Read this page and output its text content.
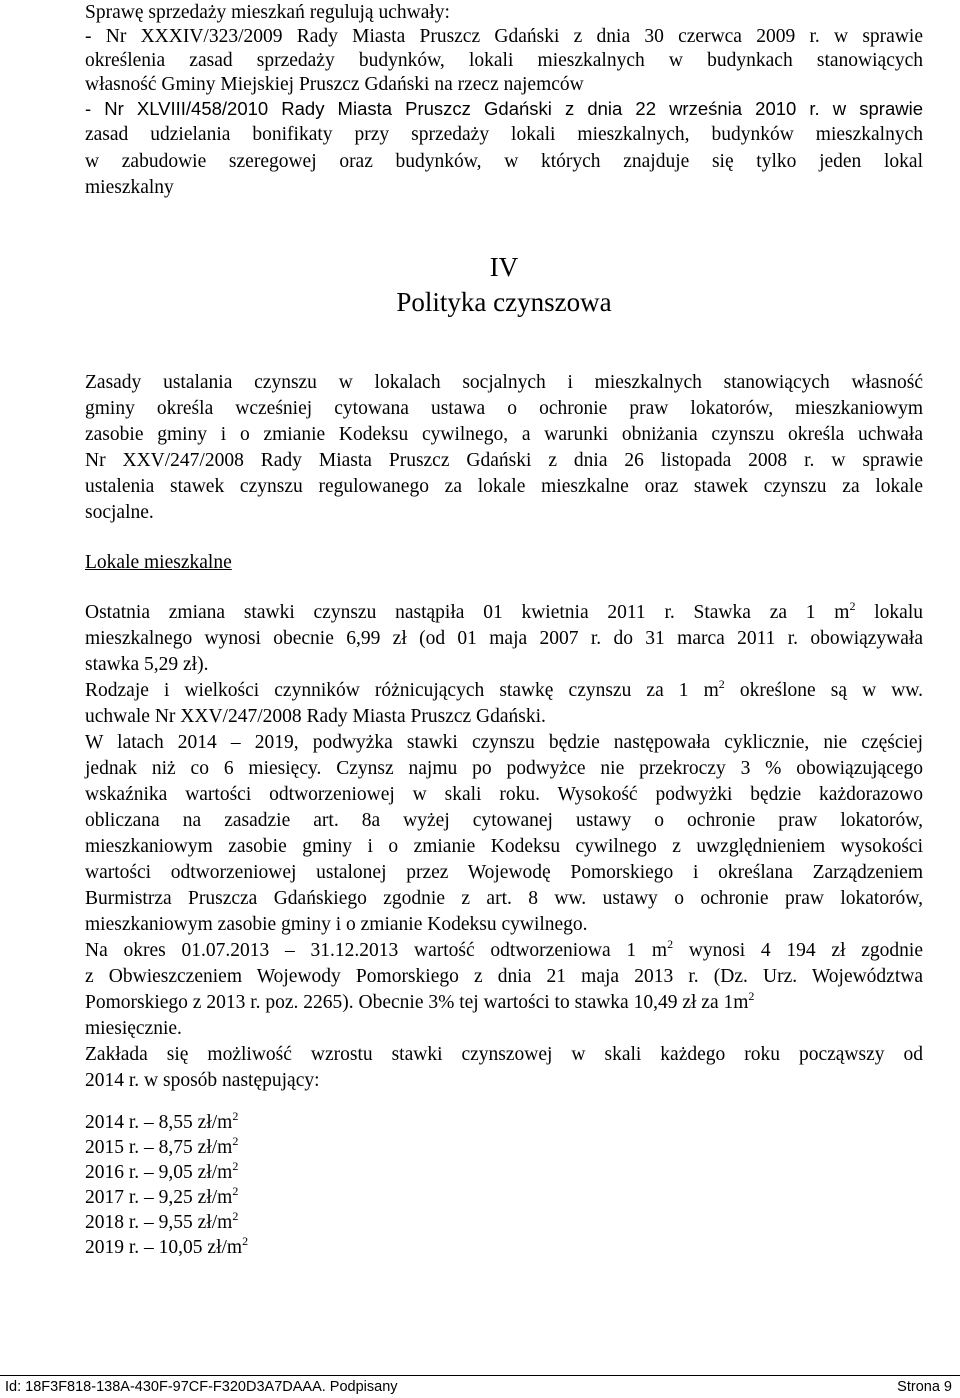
Sprawę sprzedaży mieszkań regulują uchwały:
- Nr XXXIV/323/2009 Rady Miasta Pruszcz Gdański z dnia 30 czerwca 2009 r. w sprawie
określenia zasad sprzedaży budynków, lokali mieszkalnych w budynkach stanowiących
własność Gminy Miejskiej Pruszcz Gdański na rzecz najemców
- Nr XLVIII/458/2010 Rady Miasta Pruszcz Gdański z dnia 22 września 2010 r. w sprawie
zasad udzielania bonifikaty przy sprzedaży lokali mieszkalnych, budynków mieszkalnych
w zabudowie szeregowej oraz budynków, w których znajduje się tylko jeden lokal
mieszkalny
IV
Polityka czynszowa
Zasady ustalania czynszu w lokalach socjalnych i mieszkalnych stanowiących własność
gminy określa wcześniej cytowana ustawa o ochronie praw lokatorów, mieszkaniowym
zasobie gminy i o zmianie Kodeksu cywilnego, a warunki obniżania czynszu określa uchwała
Nr XXV/247/2008 Rady Miasta Pruszcz Gdański z dnia 26 listopada 2008 r. w sprawie
ustalenia stawek czynszu regulowanego za lokale mieszkalne oraz stawek czynszu za lokale
socjalne.
Lokale mieszkalne
Ostatnia zmiana stawki czynszu nastąpiła 01 kwietnia 2011 r. Stawka za 1 $m^2$ lokalu
mieszkalnego wynosi obecnie 6,99 zł (od 01 maja 2007 r. do 31 marca 2011 r. obowiązywała
stawka 5,29 zł).
Rodzaje i wielkości czynników różnicujących stawkę czynszu za 1 $m^2$ określone są w ww.
uchwale Nr XXV/247/2008 Rady Miasta Pruszcz Gdański.
W latach 2014 – 2019, podwyżka stawki czynszu będzie następowała cyklicznie, nie częściej
jednak niż co 6 miesięcy. Czynsz najmu po podwyżce nie przekroczy 3 % obowiązującego
wskaźnika wartości odtworzeniowej w skali roku. Wysokość podwyżki będzie każdorazowo
obliczana na zasadzie art. 8a wyżej cytowanej ustawy o ochronie praw lokatorów,
mieszkaniowym zasobie gminy i o zmianie Kodeksu cywilnego z uwzględnieniem wysokości
wartości odtworzeniowej ustalonej przez Wojewodę Pomorskiego i określana Zarządzeniem
Burmistrza Pruszcza Gdańskiego zgodnie z art. 8 ww. ustawy o ochronie praw lokatorów,
mieszkaniowym zasobie gminy i o zmianie Kodeksu cywilnego.
Na okres 01.07.2013 – 31.12.2013 wartość odtworzeniowa 1 $m^2$ wynosi 4 194 zł zgodnie
z Obwieszczeniem Wojewody Pomorskiego z dnia 21 maja 2013 r. (Dz. Urz. Województwa
Pomorskiego z 2013 r. poz. 2265). Obecnie 3% tej wartości to stawka 10,49 zł za $1m^2$
miesięcznie.
Zakłada się możliwość wzrostu stawki czynszowej w skali każdego roku począwszy od
2014 r. w sposób następujący:
2014 r. – 8,55 $zł/m^2$
2015 r. – 8,75 $zł/m^2$
2016 r. – 9,05 $zł/m^2$
2017 r. – 9,25 $zł/m^2$
2018 r. – 9,55 $zł/m^2$
2019 r. – 10,05 $zł/m^2$
Id: 18F3F818-138A-430F-97CF-F320D3A7DAAA. Podpisany	Strona 9
